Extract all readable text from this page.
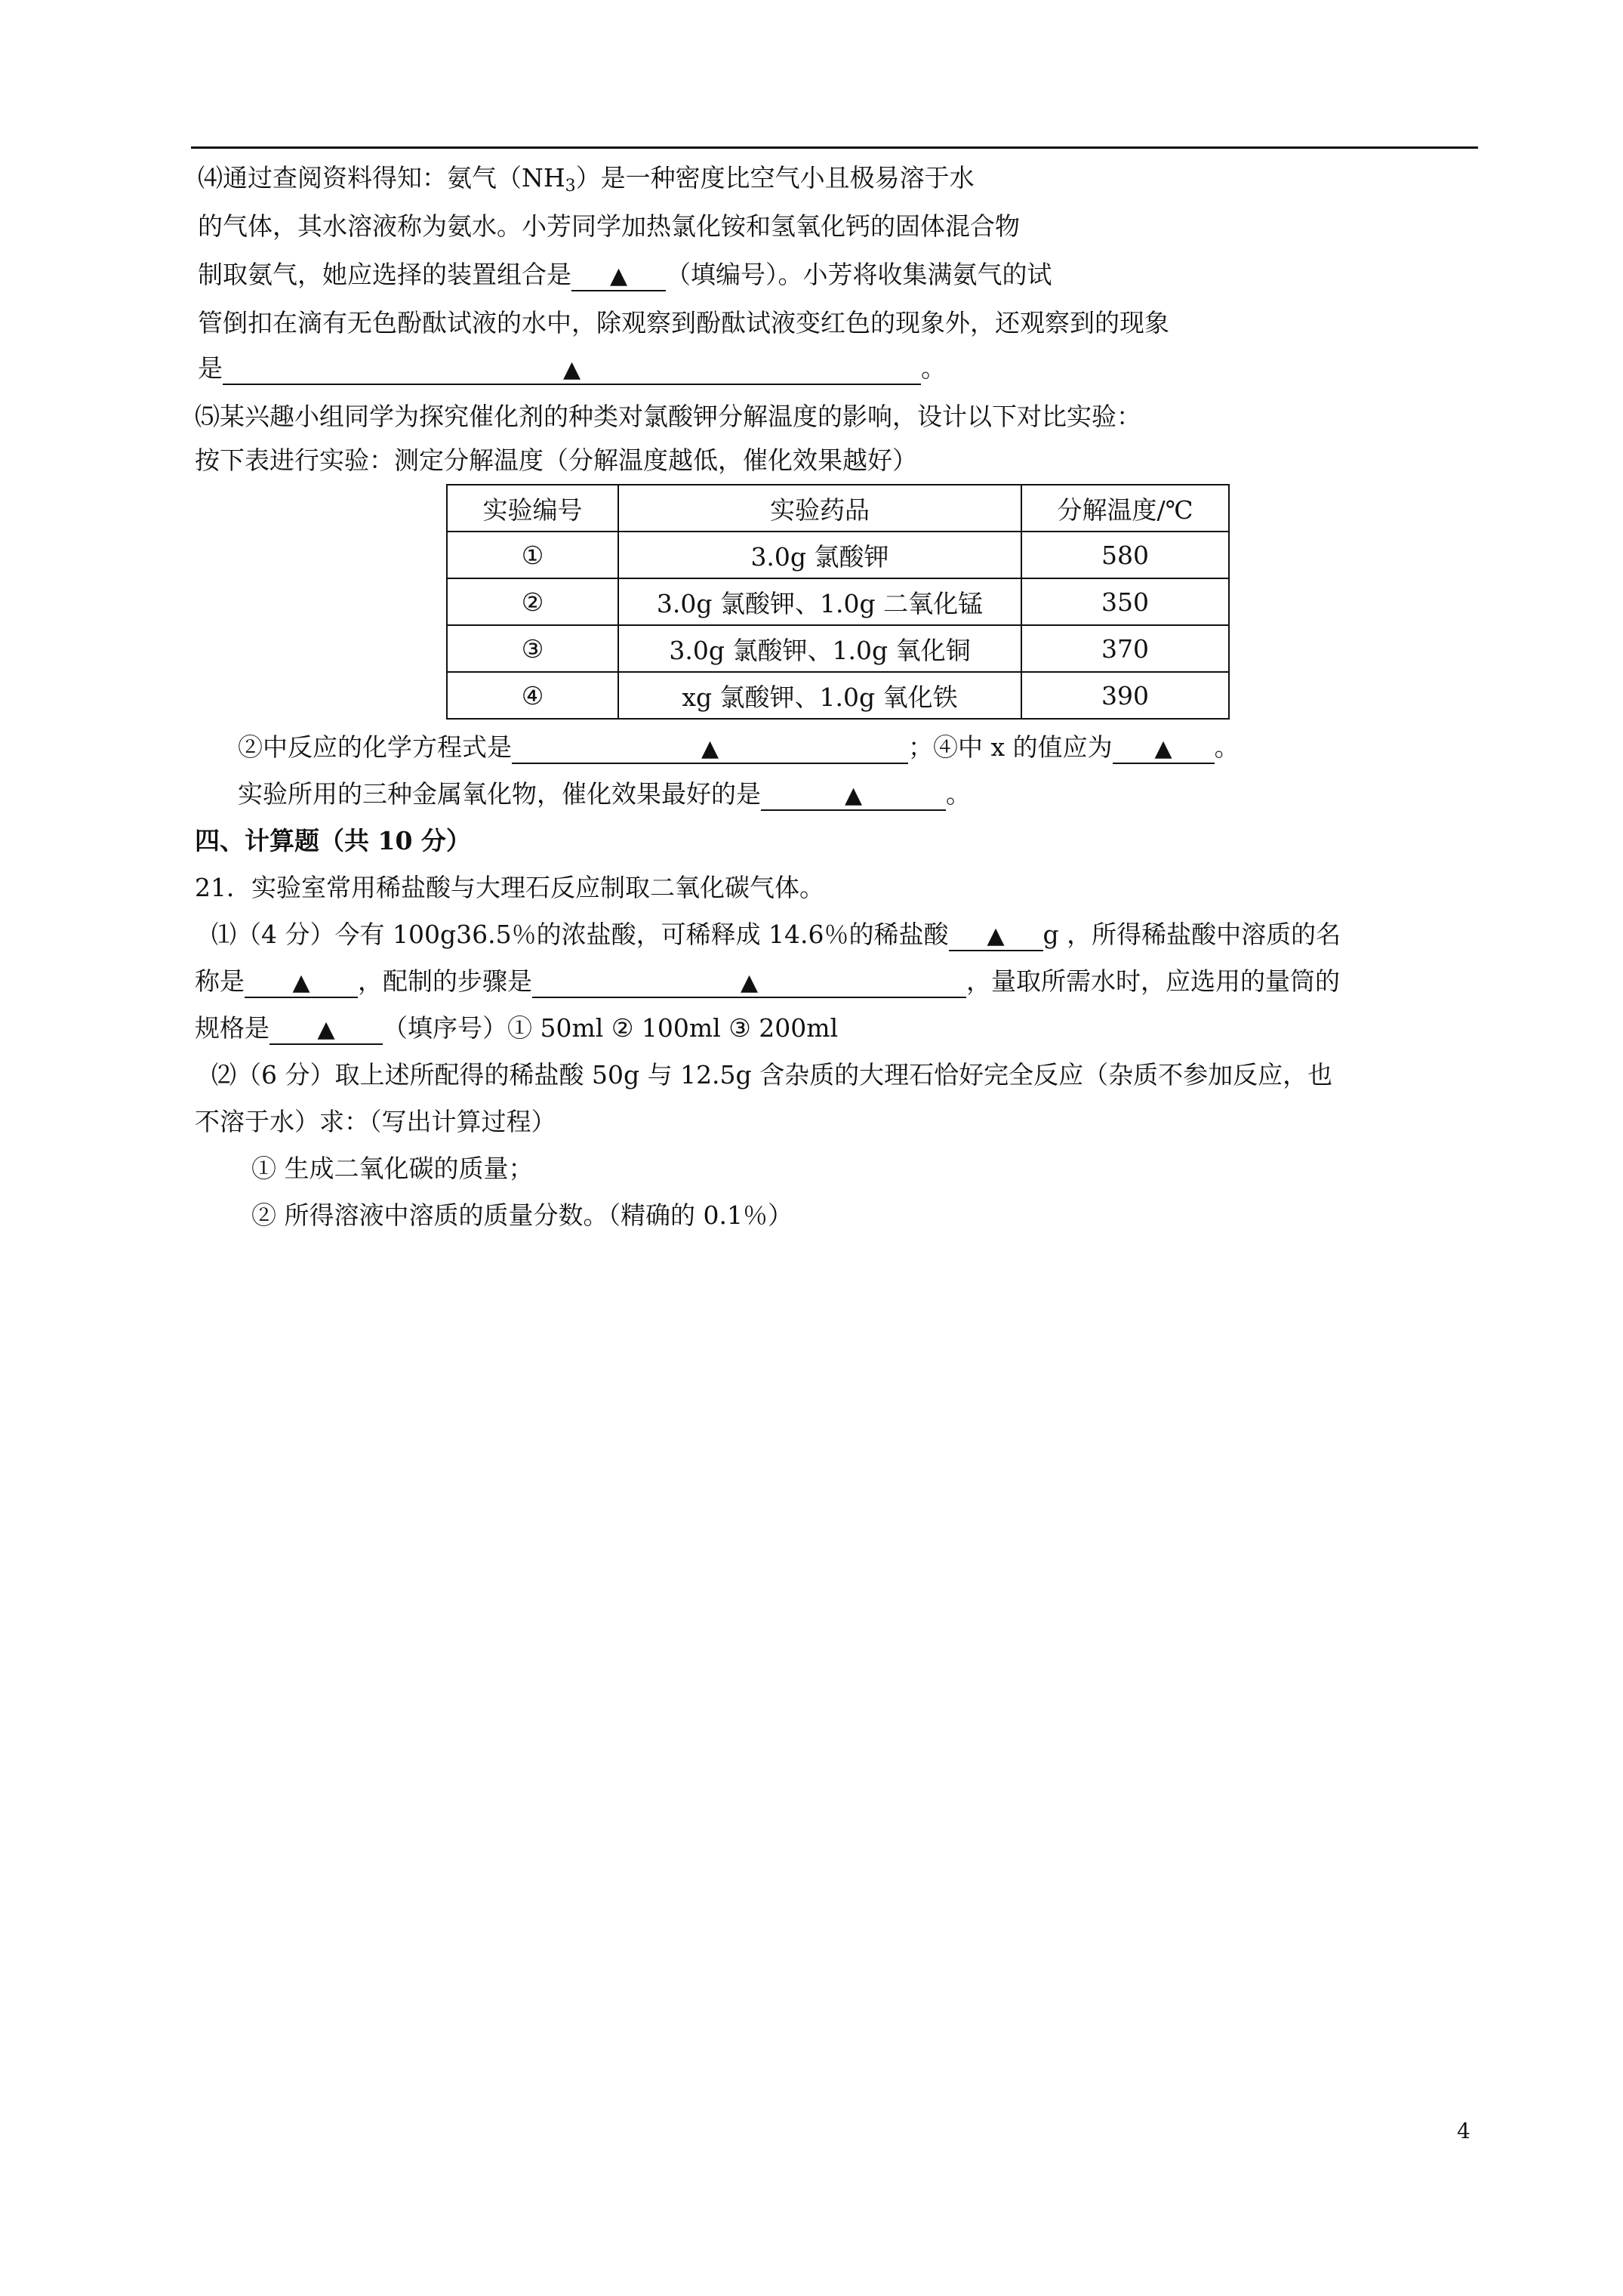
⑷通过查阅资料得知：氨气$(NH_3)$是一种密度比空气小且极易溶于水
的气体，其水溶液称为氨水。小芳同学加热氯化铵和氢氧化钙的固体混合物
制取氨气，她应选择的装置组合是 ▲ （填编号）。小芳将收集满氨气的试
管倒扣在滴有无色酚酞试液的水中，除观察到酚酞试液变红色的现象外，还观察到的现象
是	▲	。
⑸某兴趣小组同学为探究催化剂的种类对氯酸钾分解温度的影响，设计以下对比实验：
按下表进行实验：测定分解温度（分解温度越低，催化效果越好）
实验编号	实验药品	分解温度/℃
①	3.0g 氯酸钾	580
②	3.0g 氯酸钾、1.0g 二氧化锰	350
③	3.0g 氯酸钾、1.0g 氧化铜	370
④	xg 氯酸钾、1.0g 氧化铁	390
②中反应的化学方程式是	▲	；④中 x 的值应为 ▲ 。
实验所用的三种金属氧化物，催化效果最好的是	▲	。
四、计算题（共 10 分）
21．实验室常用稀盐酸与大理石反应制取二氧化碳气体。
⑴（4 分）今有 100g36.5％的浓盐酸，可稀释成 14.6％的稀盐酸 ▲ g ，所得稀盐酸中溶质的名
称是 ▲ ，配制的步骤是	▲	，量取所需水时，应选用的量筒的
规格是 ▲ （填序号）① 50ml ② 100ml ③ 200ml
⑵（6 分）取上述所配得的稀盐酸 50g 与 12.5g 含杂质的大理石恰好完全反应（杂质不参加反应，也
不溶于水）求：（写出计算过程）
① 生成二氧化碳的质量；
② 所得溶液中溶质的质量分数。（精确的 0.1％）
4
